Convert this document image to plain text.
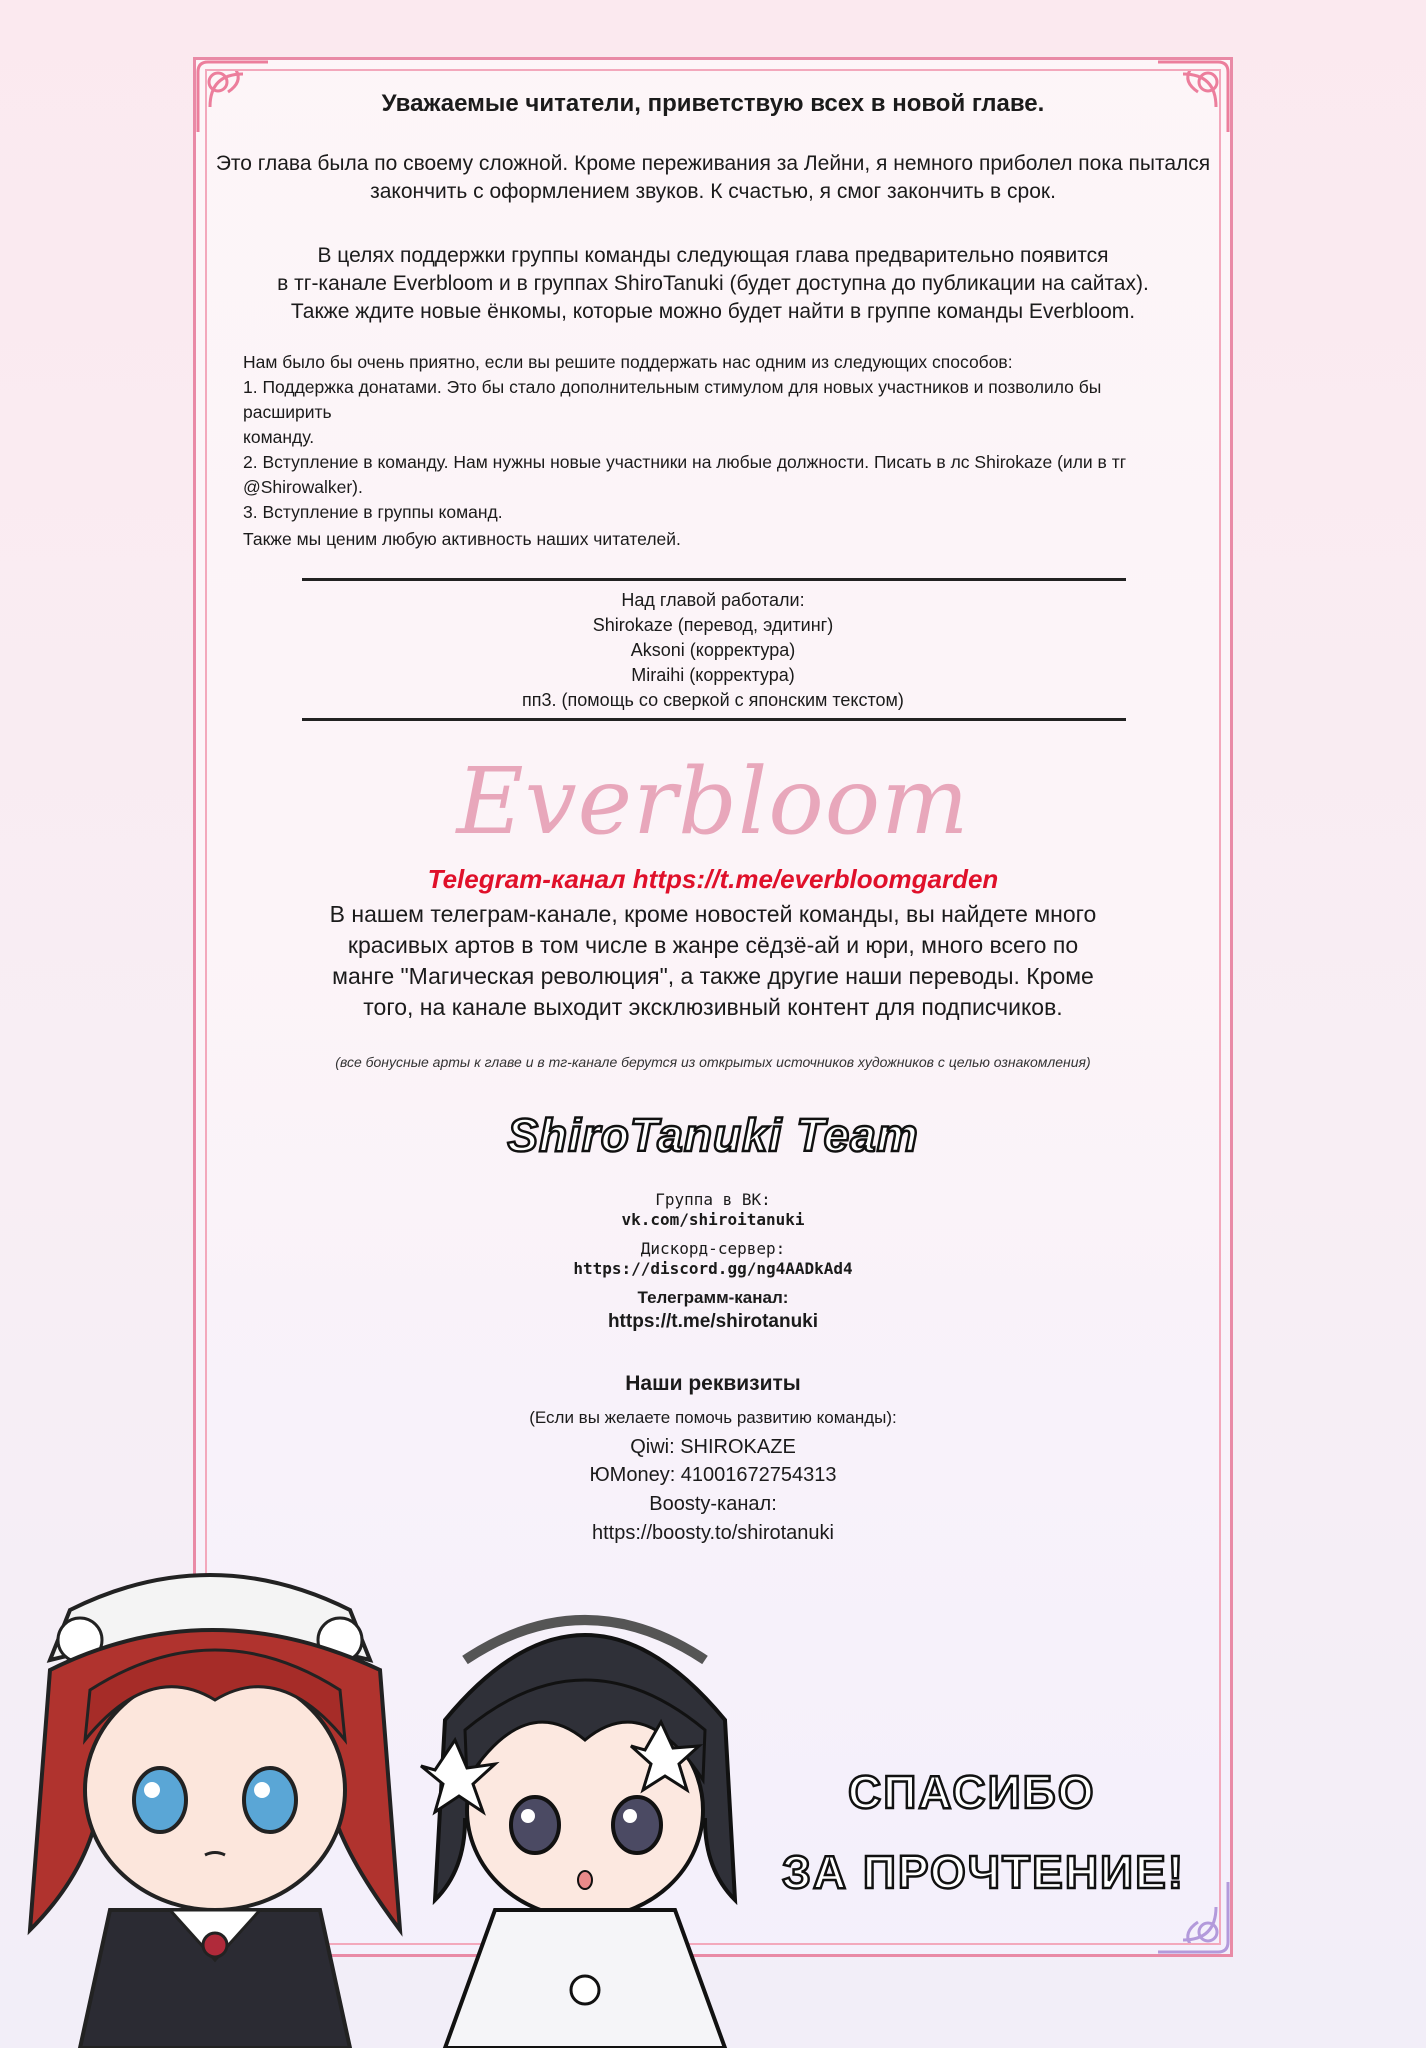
Уважаемые читатели, приветствую всех в новой главе.
Это глава была по своему сложной. Кроме переживания за Лейни, я немного приболел пока пытался
закончить с оформлением звуков. К счастью, я смог закончить в срок.
В целях поддержки группы команды следующая глава предварительно появится
в тг-канале Everbloom и в группах ShiroTanuki (будет доступна до публикации на сайтах).
Также ждите новые ёнкомы, которые можно будет найти в группе команды Everbloom.
Нам было бы очень приятно, если вы решите поддержать нас одним из следующих способов:
1. Поддержка донатами. Это бы стало дополнительным стимулом для новых участников и позволило бы расширить
команду.
2. Вступление в команду. Нам нужны новые участники на любые должности. Писать в лс Shirokaze (или в тг
@Shirowalker).
3. Вступление в группы команд.
Также мы ценим любую активность наших читателей.
Над главой работали:
Shirokaze (перевод, эдитинг)
Aksoni (корректура)
Miraihi (корректура)
пп3. (помощь со сверкой с японским текстом)
Everbloom
Telegram-канал https://t.me/everbloomgarden
В нашем телеграм-канале, кроме новостей команды, вы найдете много
красивых артов в том числе в жанре сёдзё-ай и юри, много всего по
манге "Магическая революция", а также другие наши переводы. Кроме
того, на канале выходит эксклюзивный контент для подписчиков.
(все бонусные арты к главе и в тг-канале берутся из открытых источников художников с целью ознакомления)
ShiroTanuki Team
Группа в ВК:
vk.com/shiroitanuki
Дискорд-сервер:
https://discord.gg/ng4AADkAd4
Телеграмм-канал:
https://t.me/shirotanuki
Наши реквизиты
(Если вы желаете помочь развитию команды):
Qiwi: SHIROKAZE
ЮMoney: 41001672754313
Boosty-канал:
https://boosty.to/shirotanuki
СПАСИБО
ЗА ПРОЧТЕНИЕ!
